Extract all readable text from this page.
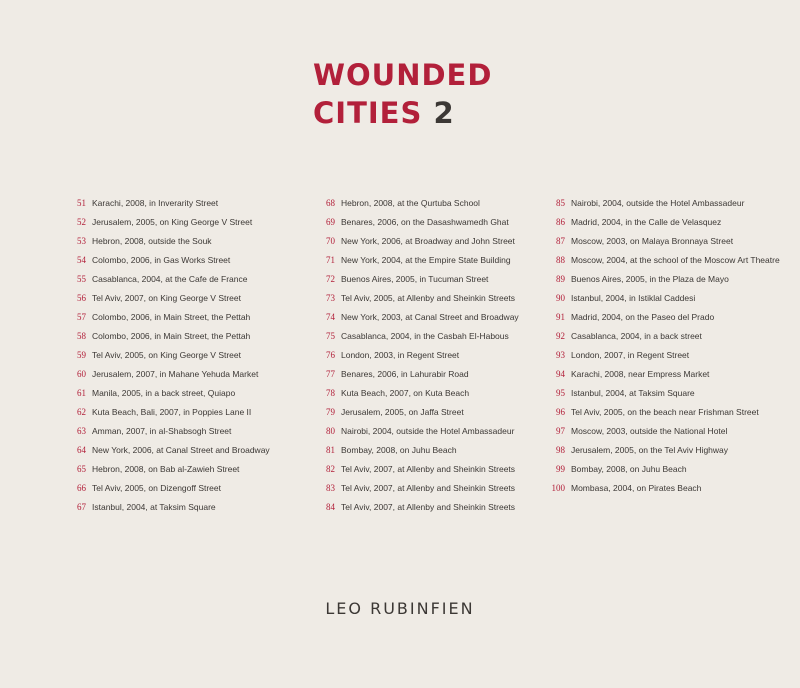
WOUNDED
CITIES 2
51 Karachi, 2008, in Inverarity Street
52 Jerusalem, 2005, on King George V Street
53 Hebron, 2008, outside the Souk
54 Colombo, 2006, in Gas Works Street
55 Casablanca, 2004, at the Cafe de France
56 Tel Aviv, 2007, on King George V Street
57 Colombo, 2006, in Main Street, the Pettah
58 Colombo, 2006, in Main Street, the Pettah
59 Tel Aviv, 2005, on King George V Street
60 Jerusalem, 2007, in Mahane Yehuda Market
61 Manila, 2005, in a back street, Quiapo
62 Kuta Beach, Bali, 2007, in Poppies Lane II
63 Amman, 2007, in al-Shabsogh Street
64 New York, 2006, at Canal Street and Broadway
65 Hebron, 2008, on Bab al-Zawieh Street
66 Tel Aviv, 2005, on Dizengoff Street
67 Istanbul, 2004, at Taksim Square
68 Hebron, 2008, at the Qurtuba School
69 Benares, 2006, on the Dasashwamedh Ghat
70 New York, 2006, at Broadway and John Street
71 New York, 2004, at the Empire State Building
72 Buenos Aires, 2005, in Tucuman Street
73 Tel Aviv, 2005, at Allenby and Sheinkin Streets
74 New York, 2003, at Canal Street and Broadway
75 Casablanca, 2004, in the Casbah El-Habous
76 London, 2003, in Regent Street
77 Benares, 2006, in Lahurabir Road
78 Kuta Beach, 2007, on Kuta Beach
79 Jerusalem, 2005, on Jaffa Street
80 Nairobi, 2004, outside the Hotel Ambassadeur
81 Bombay, 2008, on Juhu Beach
82 Tel Aviv, 2007, at Allenby and Sheinkin Streets
83 Tel Aviv, 2007, at Allenby and Sheinkin Streets
84 Tel Aviv, 2007, at Allenby and Sheinkin Streets
85 Nairobi, 2004, outside the Hotel Ambassadeur
86 Madrid, 2004, in the Calle de Velasquez
87 Moscow, 2003, on Malaya Bronnaya Street
88 Moscow, 2004, at the school of the Moscow Art Theatre
89 Buenos Aires, 2005, in the Plaza de Mayo
90 Istanbul, 2004, in Istiklal Caddesi
91 Madrid, 2004, on the Paseo del Prado
92 Casablanca, 2004, in a back street
93 London, 2007, in Regent Street
94 Karachi, 2008, near Empress Market
95 Istanbul, 2004, at Taksim Square
96 Tel Aviv, 2005, on the beach near Frishman Street
97 Moscow, 2003, outside the National Hotel
98 Jerusalem, 2005, on the Tel Aviv Highway
99 Bombay, 2008, on Juhu Beach
100 Mombasa, 2004, on Pirates Beach
LEO RUBINFIEN
